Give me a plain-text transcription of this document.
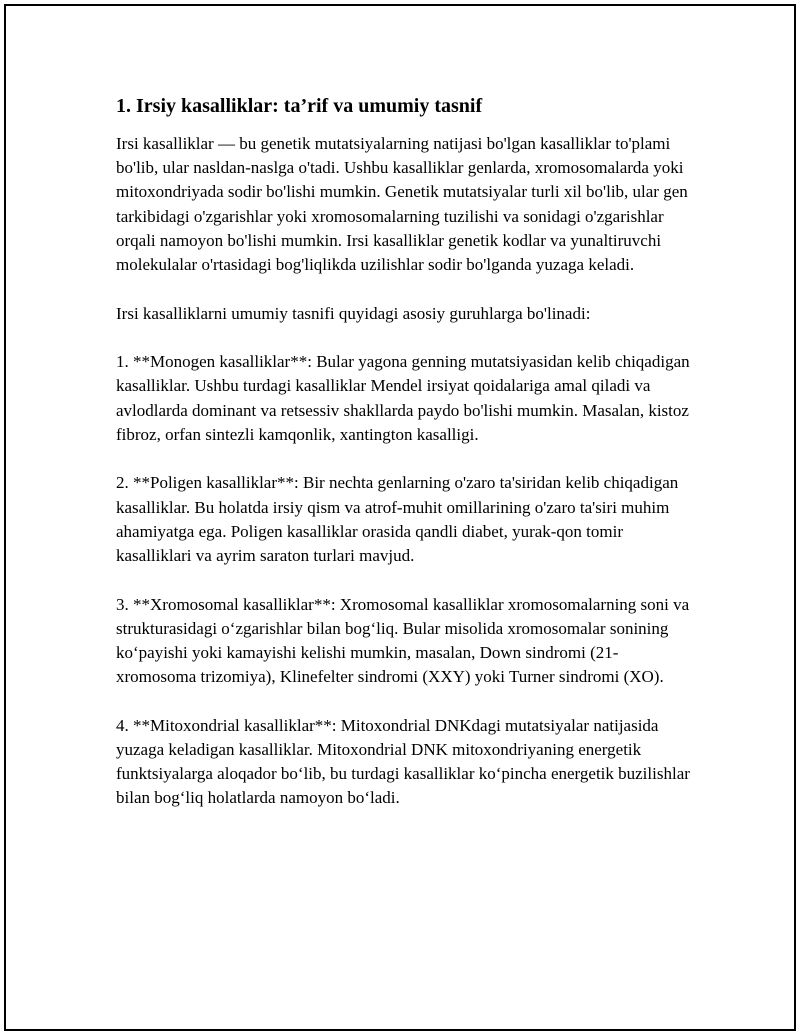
1. Irsiy kasalliklar: ta’rif va umumiy tasnif

Irsi kasalliklar — bu genetik mutatsiyalarning natijasi bo'lgan kasalliklar to'plami bo'lib, ular nasldan-naslga o'tadi. Ushbu kasalliklar genlarda, xromosomalarda yoki mitoxondriyada sodir bo'lishi mumkin. Genetik mutatsiyalar turli xil bo'lib, ular gen tarkibidagi o'zgarishlar yoki xromosomalarning tuzilishi va sonidagi o'zgarishlar orqali namoyon bo'lishi mumkin. Irsi kasalliklar genetik kodlar va yunaltiruvchi molekulalar o'rtasidagi bog'liqlikda uzilishlar sodir bo'lganda yuzaga keladi.

Irsi kasalliklarni umumiy tasnifi quyidagi asosiy guruhlarga bo'linadi:

1. **Monogen kasalliklar**: Bular yagona genning mutatsiyasidan kelib chiqadigan kasalliklar. Ushbu turdagi kasalliklar Mendel irsiyat qoidalariga amal qiladi va avlodlarda dominant va retsessiv shakllarda paydo bo'lishi mumkin. Masalan, kistoz fibroz, orfan sintezli kamqonlik, xantington kasalligi.

2. **Poligen kasalliklar**: Bir nechta genlarning o'zaro ta'siridan kelib chiqadigan kasalliklar. Bu holatda irsiy qism va atrof-muhit omillarining o'zaro ta'siri muhim ahamiyatga ega. Poligen kasalliklar orasida qandli diabet, yurak-qon tomir kasalliklari va ayrim saraton turlari mavjud.

3. **Xromosomal kasalliklar**: Xromosomal kasalliklar xromosomalarning soni va strukturasidagi o‘zgarishlar bilan bog‘liq. Bular misolida xromosomalar sonining ko‘payishi yoki kamayishi kelishi mumkin, masalan, Down sindromi (21-xromosoma trizomiya), Klinefelter sindromi (XXY) yoki Turner sindromi (XO).

4. **Mitoxondrial kasalliklar**: Mitoxondrial DNKdagi mutatsiyalar natijasida yuzaga keladigan kasalliklar. Mitoxondrial DNK mitoxondriyaning energetik funktsiyalarga aloqador bo‘lib, bu turdagi kasalliklar ko‘pincha energetik buzilishlar bilan bog‘liq holatlarda namoyon bo‘ladi.
